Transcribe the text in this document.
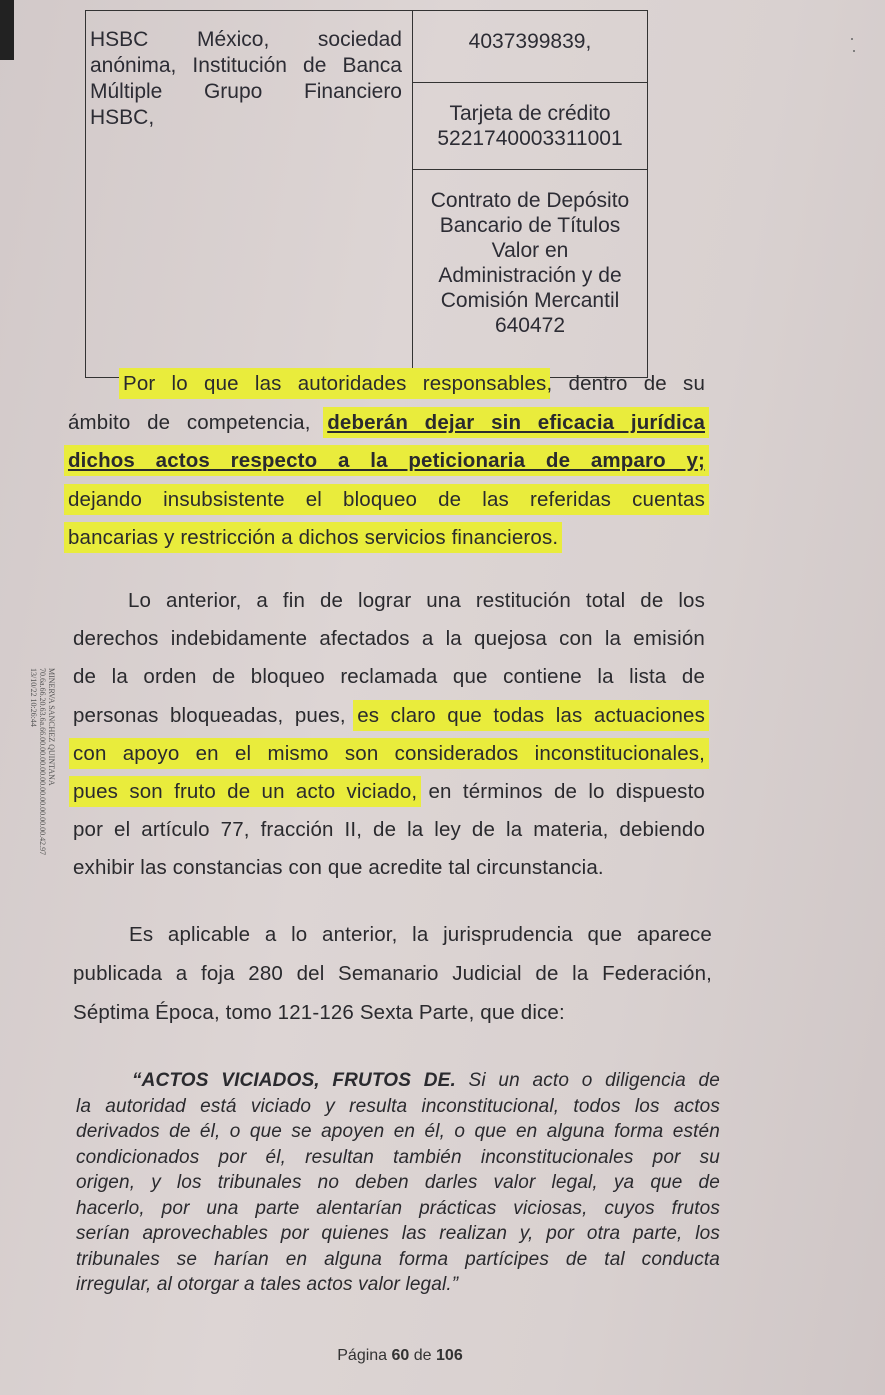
HSBC México, sociedad
anónima, Institución de Banca
Múltiple Grupo Financiero
HSBC,

4037399839,

Tarjeta de crédito
5221740003311001

Contrato de Depósito
Bancario de Títulos
Valor en
Administración y de
Comisión Mercantil
640472
Por lo que las autoridades responsables, dentro de su
ámbito de competencia, deberán dejar sin eficacia jurídica
dichos actos respecto a la peticionaria de amparo y;
dejando insubsistente el bloqueo de las referidas cuentas
bancarias y restricción a dichos servicios financieros.
Lo anterior, a fin de lograr una restitución total de los
derechos indebidamente afectados a la quejosa con la emisión
de la orden de bloqueo reclamada que contiene la lista de
personas bloqueadas, pues, es claro que todas las actuaciones
con apoyo en el mismo son considerados inconstitucionales,
pues son fruto de un acto viciado, en términos de lo dispuesto
por el artículo 77, fracción II, de la ley de la materia, debiendo
exhibir las constancias con que acredite tal circunstancia.
Es aplicable a lo anterior, la jurisprudencia que aparece
publicada a foja 280 del Semanario Judicial de la Federación,
Séptima Época, tomo 121-126 Sexta Parte, que dice:
“ACTOS VICIADOS, FRUTOS DE. Si un acto o diligencia de
la autoridad está viciado y resulta inconstitucional, todos los actos
derivados de él, o que se apoyen en él, o que en alguna forma estén
condicionados por él, resultan también inconstitucionales por su
origen, y los tribunales no deben darles valor legal, ya que de
hacerlo, por una parte alentarían prácticas viciosas, cuyos frutos
serían aprovechables por quienes las realizan y, por otra parte, los
tribunales se harían en alguna forma partícipes de tal conducta
irregular, al otorgar a tales actos valor legal.”
MINERVA SANCHEZ QUINTANA
70.6a.66.20.63.6a.66.00.00.00.00.00.00.00.00.00.00.42.97
13/10/22 10:26:44
Página 60 de 106
